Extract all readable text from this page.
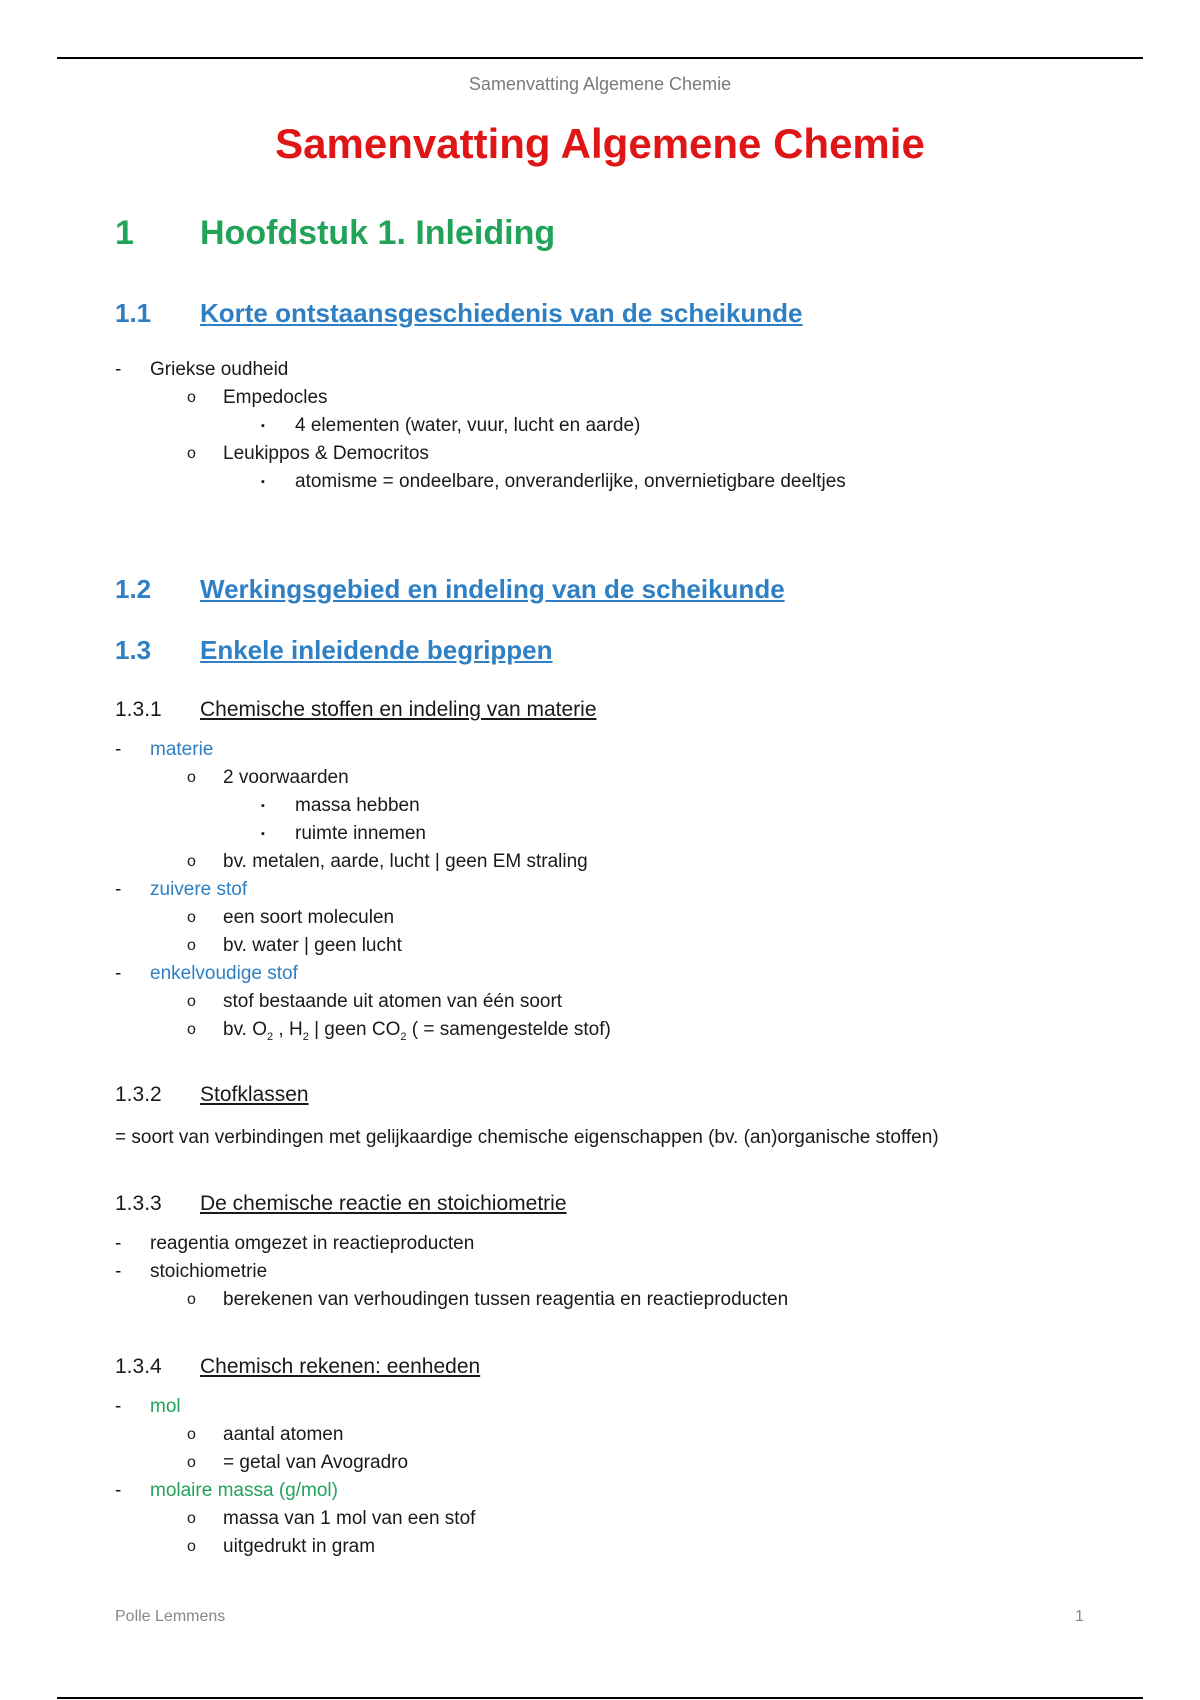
Samenvatting Algemene Chemie
Samenvatting Algemene Chemie
1 Hoofdstuk 1. Inleiding
1.1 Korte ontstaansgeschiedenis van de scheikunde
- Griekse oudheid
o Empedocles
▪ 4 elementen (water, vuur, lucht en aarde)
o Leukippos & Democritos
▪ atomisme = ondeelbare, onveranderlijke, onvernietigbare deeltjes
1.2 Werkingsgebied en indeling van de scheikunde
1.3 Enkele inleidende begrippen
1.3.1 Chemische stoffen en indeling van materie
- materie
o 2 voorwaarden
▪ massa hebben
▪ ruimte innemen
o bv. metalen, aarde, lucht | geen EM straling
- zuivere stof
o een soort moleculen
o bv. water | geen lucht
- enkelvoudige stof
o stof bestaande uit atomen van één soort
o bv. $O_2$ , $H_2$ | geen $CO_2$ ( = samengestelde stof)
1.3.2 Stofklassen
= soort van verbindingen met gelijkaardige chemische eigenschappen (bv. (an)organische stoffen)
1.3.3 De chemische reactie en stoichiometrie
- reagentia omgezet in reactieproducten
- stoichiometrie
o berekenen van verhoudingen tussen reagentia en reactieproducten
1.3.4 Chemisch rekenen: eenheden
- mol
o aantal atomen
o = getal van Avogradro
- molaire massa (g/mol)
o massa van 1 mol van een stof
o uitgedrukt in gram
Polle Lemmens	1
